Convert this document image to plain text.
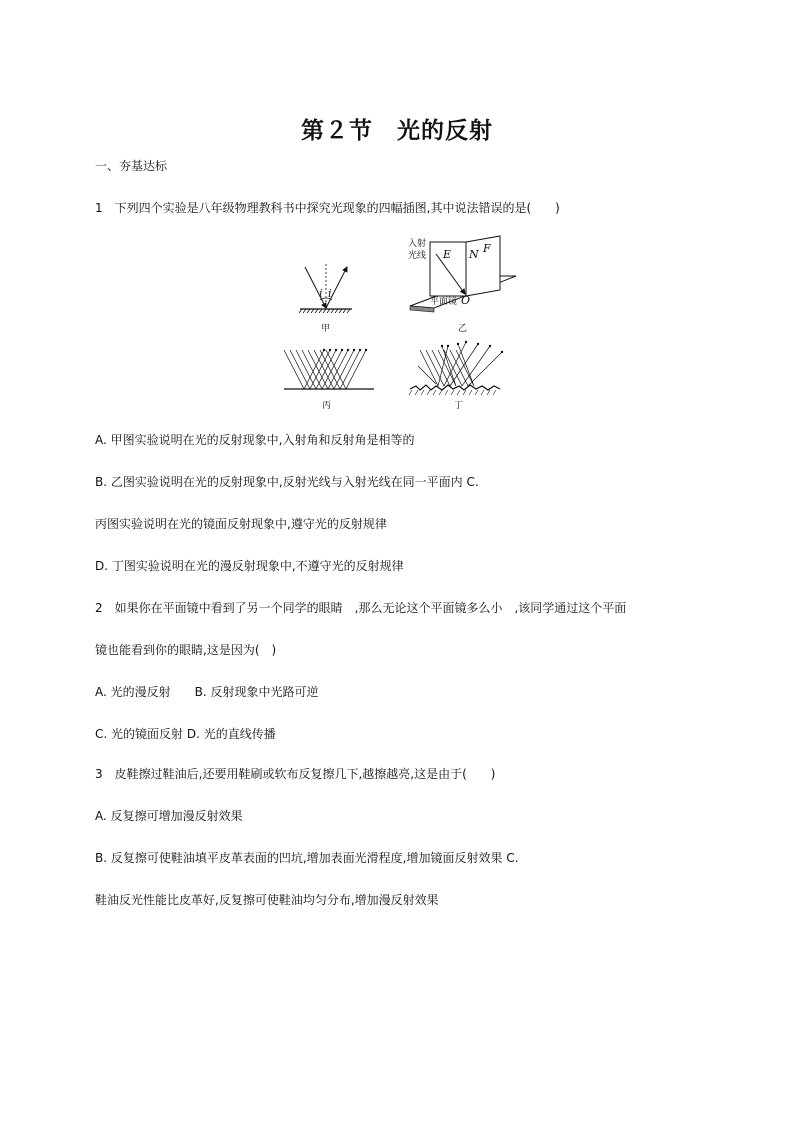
第２节　光的反射
一、夯基达标
1　下列四个实验是八年级物理教科书中探究光现象的四幅插图,其中说法错误的是(　　)
i i
甲
入射
光线 E N F
O
平面镜
乙
丙	丁
A. 甲图实验说明在光的反射现象中,入射角和反射角是相等的
B. 乙图实验说明在光的反射现象中,反射光线与入射光线在同一平面内 C.
丙图实验说明在光的镜面反射现象中,遵守光的反射规律
D. 丁图实验说明在光的漫反射现象中,不遵守光的反射规律
2　如果你在平面镜中看到了另一个同学的眼睛　,那么无论这个平面镜多么小　,该同学通过这个平面
镜也能看到你的眼睛,这是因为(　)
A. 光的漫反射　　B. 反射现象中光路可逆
C. 光的镜面反射 D. 光的直线传播
3　皮鞋擦过鞋油后,还要用鞋刷或软布反复擦几下,越擦越亮,这是由于(　　)
A. 反复擦可增加漫反射效果
B. 反复擦可使鞋油填平皮革表面的凹坑,增加表面光滑程度,增加镜面反射效果 C.
鞋油反光性能比皮革好,反复擦可使鞋油均匀分布,增加漫反射效果
